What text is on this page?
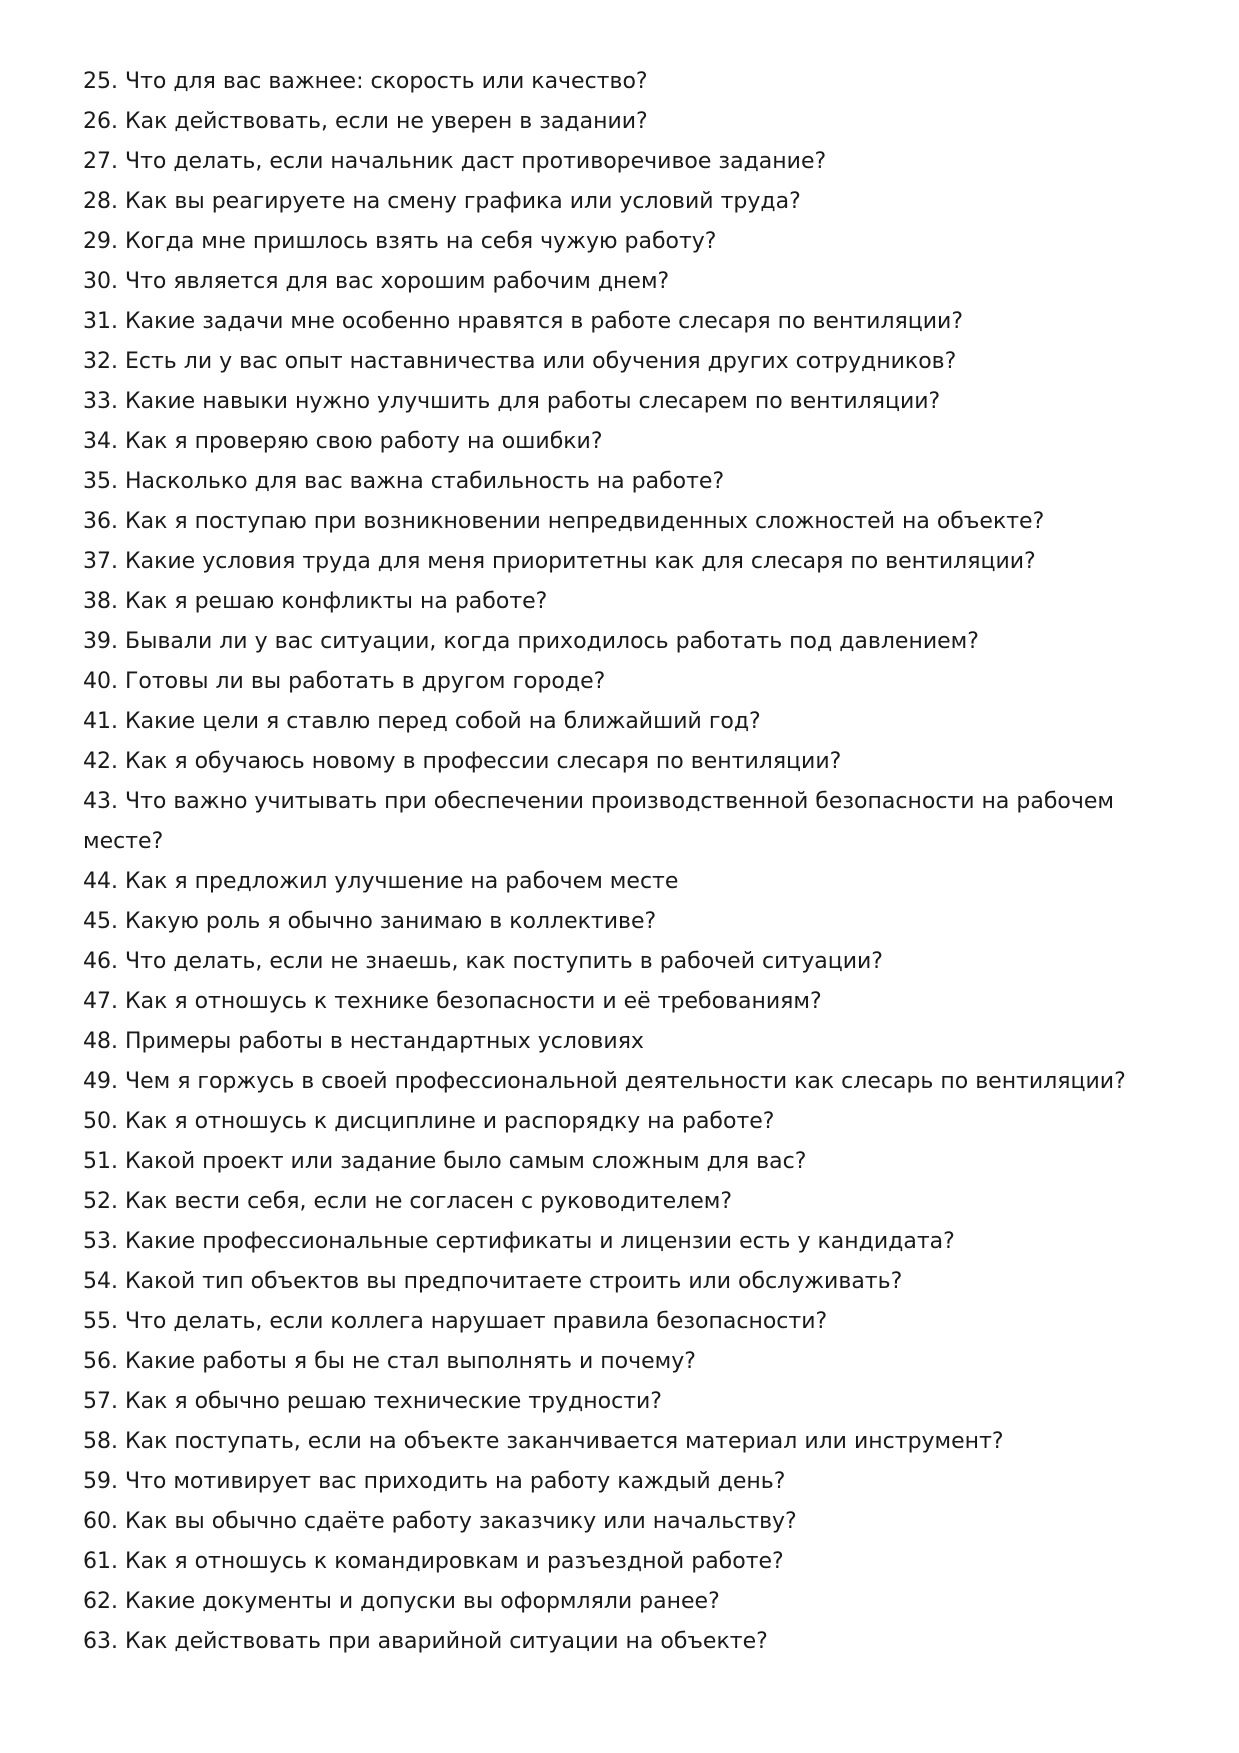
25. Что для вас важнее: скорость или качество?
26. Как действовать, если не уверен в задании?
27. Что делать, если начальник даст противоречивое задание?
28. Как вы реагируете на смену графика или условий труда?
29. Когда мне пришлось взять на себя чужую работу?
30. Что является для вас хорошим рабочим днем?
31. Какие задачи мне особенно нравятся в работе слесаря по вентиляции?
32. Есть ли у вас опыт наставничества или обучения других сотрудников?
33. Какие навыки нужно улучшить для работы слесарем по вентиляции?
34. Как я проверяю свою работу на ошибки?
35. Насколько для вас важна стабильность на работе?
36. Как я поступаю при возникновении непредвиденных сложностей на объекте?
37. Какие условия труда для меня приоритетны как для слесаря по вентиляции?
38. Как я решаю конфликты на работе?
39. Бывали ли у вас ситуации, когда приходилось работать под давлением?
40. Готовы ли вы работать в другом городе?
41. Какие цели я ставлю перед собой на ближайший год?
42. Как я обучаюсь новому в профессии слесаря по вентиляции?
43. Что важно учитывать при обеспечении производственной безопасности на рабочем месте?
44. Как я предложил улучшение на рабочем месте
45. Какую роль я обычно занимаю в коллективе?
46. Что делать, если не знаешь, как поступить в рабочей ситуации?
47. Как я отношусь к технике безопасности и её требованиям?
48. Примеры работы в нестандартных условиях
49. Чем я горжусь в своей профессиональной деятельности как слесарь по вентиляции?
50. Как я отношусь к дисциплине и распорядку на работе?
51. Какой проект или задание было самым сложным для вас?
52. Как вести себя, если не согласен с руководителем?
53. Какие профессиональные сертификаты и лицензии есть у кандидата?
54. Какой тип объектов вы предпочитаете строить или обслуживать?
55. Что делать, если коллега нарушает правила безопасности?
56. Какие работы я бы не стал выполнять и почему?
57. Как я обычно решаю технические трудности?
58. Как поступать, если на объекте заканчивается материал или инструмент?
59. Что мотивирует вас приходить на работу каждый день?
60. Как вы обычно сдаёте работу заказчику или начальству?
61. Как я отношусь к командировкам и разъездной работе?
62. Какие документы и допуски вы оформляли ранее?
63. Как действовать при аварийной ситуации на объекте?
